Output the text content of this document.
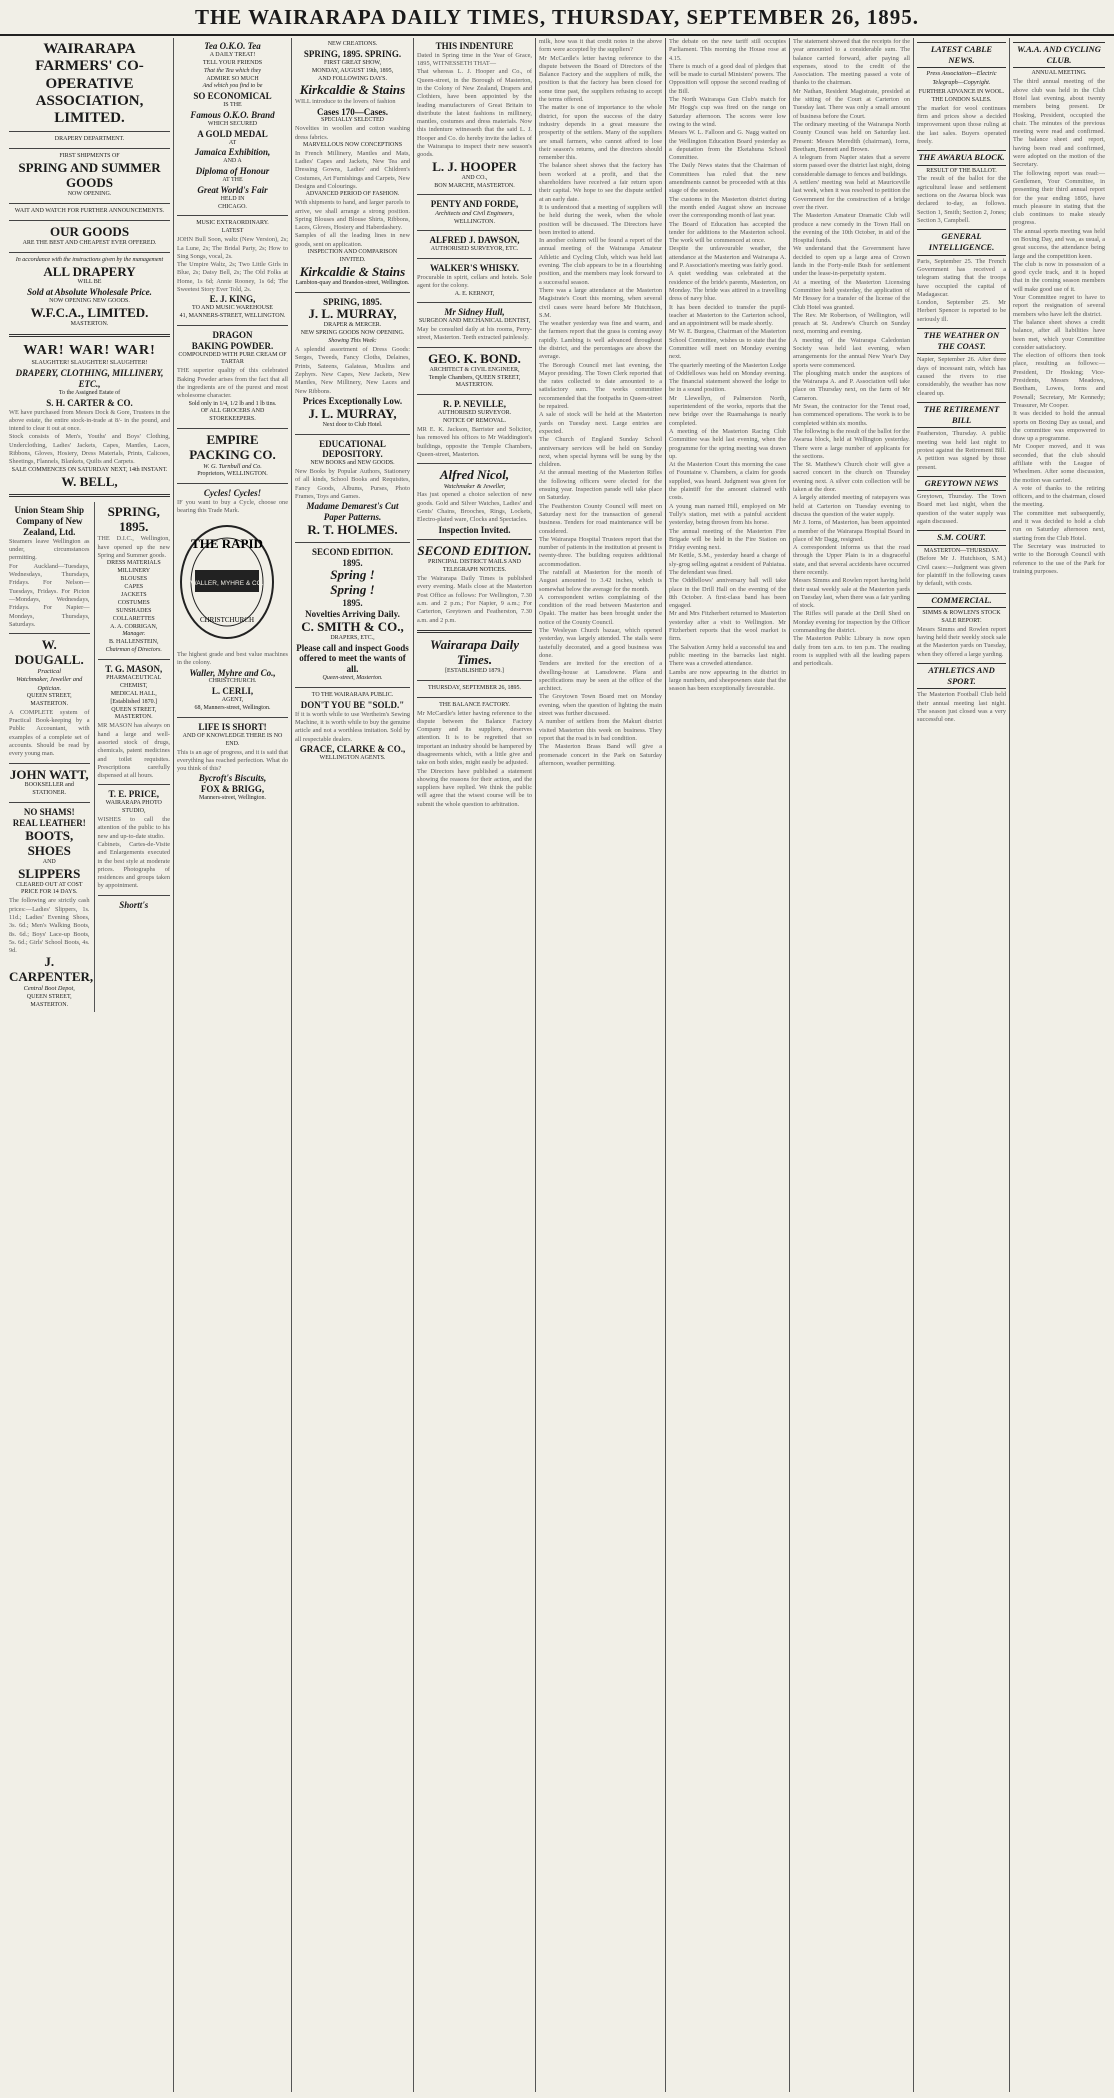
THE WAIRARAPA DAILY TIMES, THURSDAY, SEPTEMBER 26, 1895.
WAIRARAPA FARMERS' CO-OPERATIVE ASSOCIATION, LIMITED.
DRAPERY DEPARTMENT.
FIRST SHIPMENTS OF
SPRING AND SUMMER GOODS
NOW OPENING.
WAIT AND WATCH FOR FURTHER ANNOUNCEMENTS.
OUR GOODS
ARE THE BEST AND CHEAPEST EVER OFFERED.
In accordance with the instructions given by the management
ALL DRAPERY
WILL BE
Sold at Absolute Wholesale Price.
NOW OPENING NEW GOODS.
W.F.C.A., LIMITED.
MASTERTON.
WAR! WAR! WAR!
SLAUGHTER! SLAUGHTER! SLAUGHTER!
DRAPERY, CLOTHING, MILLINERY, ETC.,
To the Assigned Estate of
S. H. CARTER & CO.
WE have purchased from Messrs Dock & Gore, Trustees in the above estate, the entire stock-in-trade at 8/- in the pound, and intend to clear it out at once.
Stock consists of Men's, Youths' and Boys' Clothing, Underclothing, Ladies' Jackets, Capes, Mantles, Laces, Ribbons, Gloves, Hosiery, Dress Materials, Prints, Calicoes, Sheetings, Flannels, Blankets, Quilts and Carpets.
SALE COMMENCES ON SATURDAY NEXT, 14th INSTANT.
W. BELL,
Union Steam Ship Company of New Zealand, Ltd.
Steamers leave Wellington as under, circumstances permitting.
For Auckland—Tuesdays, Wednesdays, Thursdays, Fridays. For Nelson—Tuesdays, Fridays. For Picton—Mondays, Wednesdays, Fridays. For Napier—Mondays, Thursdays, Saturdays.
W. DOUGALL.
Practical
Watchmaker, Jeweller and Optician.
QUEEN STREET, MASTERTON.
A COMPLETE system of Practical Book-keeping by a Public Accountant, with examples of a complete set of accounts. Should be read by every young man.
JOHN WATT,
BOOKSELLER and STATIONER.
NO SHAMS!
REAL LEATHER!
BOOTS, SHOES
AND
SLIPPERS
CLEARED OUT AT COST PRICE FOR 14 DAYS.
The following are strictly cash prices:—Ladies' Slippers, 1s. 11d.; Ladies' Evening Shoes, 3s. 6d.; Men's Walking Boots, 8s. 6d.; Boys' Lace-up Boots, 5s. 6d.; Girls' School Boots, 4s. 9d.
J. CARPENTER,
Central Boot Depot,
QUEEN STREET, MASTERTON.
SPRING, 1895.
THE D.I.C., Wellington, have opened up the new Spring and Summer goods.
DRESS MATERIALS
MILLINERY
BLOUSES
CAPES
JACKETS
COSTUMES
SUNSHADES
COLLARETTES
A. A. CORRIGAN,
Manager.
B. HALLENSTEIN,
Chairman of Directors.
T. G. MASON,
PHARMACEUTICAL CHEMIST,
MEDICAL HALL,
[Established 1870.]
QUEEN STREET, MASTERTON.
MR MASON has always on hand a large and well-assorted stock of drugs, chemicals, patent medicines and toilet requisites. Prescriptions carefully dispensed at all hours.
T. E. PRICE,
WAIRARAPA PHOTO STUDIO,
WISHES to call the attention of the public to his new and up-to-date studio.
Cabinets, Cartes-de-Visite and Enlargements executed in the best style at moderate prices. Photographs of residences and groups taken by appointment.
Shortt's
Tea O.K.O. Tea
A DAILY TREAT!
TELL YOUR FRIENDS
That the Tea which they
ADMIRE SO MUCH
And which you find to be
SO ECONOMICAL
IS THE
Famous O.K.O. Brand
WHICH SECURED
A GOLD MEDAL
AT
Jamaica Exhibition,
AND A
Diploma of Honour
AT THE
Great World's Fair
HELD IN
CHICAGO.
MUSIC EXTRAORDINARY.
LATEST
JOHN Bull Soon, waltz (New Version), 2s; La Lune, 2s; The Bridal Party, 2s; How to Sing Songs, vocal, 2s.
The Umpire Waltz, 2s; Two Little Girls in Blue, 2s; Daisy Bell, 2s; The Old Folks at Home, 1s 6d; Annie Rooney, 1s 6d; The Sweetest Story Ever Told, 2s.
E. J. KING,
TO AND MUSIC WAREHOUSE
41, MANNERS-STREET, WELLINGTON.
DRAGON
BAKING POWDER.
COMPOUNDED WITH PURE CREAM OF TARTAR
THE superior quality of this celebrated Baking Powder arises from the fact that all the ingredients are of the purest and most wholesome character.
Sold only in 1/4, 1/2 lb and 1 lb tins.
OF ALL GROCERS AND STOREKEEPERS.
EMPIRE
PACKING CO.
W. G. Turnbull and Co.
Proprietors, WELLINGTON.
Cycles! Cycles!
IF you want to buy a Cycle, choose one bearing this Trade Mark.
THE RAPID
WALLER, MYHRE & CO.
CHRISTCHURCH
The highest grade and best value machines in the colony.
Waller, Myhre and Co.,
CHRISTCHURCH.
L. CERLI,
AGENT,
68, Manners-street, Wellington.
LIFE IS SHORT!
AND OF KNOWLEDGE THERE IS NO END.
This is an age of progress, and it is said that everything has reached perfection. What do you think of this?
Bycroft's Biscuits,
FOX & BRIGG,
Manners-street, Wellington.
NEW CREATIONS.
SPRING, 1895. SPRING.
FIRST GREAT SHOW,
MONDAY, AUGUST 19th, 1895,
AND FOLLOWING DAYS.
Kirkcaldie & Stains
WILL introduce to the lovers of fashion
Cases 170—Cases.
SPECIALLY SELECTED
Novelties in woollen and cotton washing dress fabrics.
MARVELLOUS NOW CONCEPTIONS
In French Millinery, Mantles and Mats, Ladies' Capes and Jackets, New Tea and Dressing Gowns, Ladies' and Children's Costumes, Art Furnishings and Carpets, New Designs and Colourings.
ADVANCED PERIOD OF FASHION.
With shipments to hand, and larger parcels to arrive, we shall arrange a strong position. Spring Blouses and Blouse Shirts, Ribbons, Laces, Gloves, Hosiery and Haberdashery.
Samples of all the leading lines in new goods, sent on application.
INSPECTION AND COMPARISON INVITED.
Kirkcaldie & Stains
Lambton-quay and Brandon-street, Wellington.
SPRING, 1895.
J. L. MURRAY,
DRAPER & MERCER.
NEW SPRING GOODS NOW OPENING.
Showing This Week:
A splendid assortment of Dress Goods: Serges, Tweeds, Fancy Cloths, Delaines, Prints, Sateens, Galateas, Muslins and Zephyrs. New Capes, New Jackets, New Mantles, New Millinery, New Laces and New Ribbons.
Prices Exceptionally Low.
J. L. MURRAY,
Next door to Club Hotel.
EDUCATIONAL DEPOSITORY.
NEW BOOKS and NEW GOODS.
New Books by Popular Authors, Stationery of all kinds, School Books and Requisites, Fancy Goods, Albums, Purses, Photo Frames, Toys and Games.
Madame Demarest's Cut Paper Patterns.
R. T. HOLMES.
SECOND EDITION.
1895.
Spring !
Spring !
1895.
Novelties Arriving Daily.
C. SMITH & CO.,
DRAPERS, ETC.,
Please call and inspect Goods offered to meet the wants of all.
Queen-street, Masterton.
TO THE WAIRARAPA PUBLIC.
DON'T YOU BE "SOLD."
If it is worth while to use Wertheim's Sewing Machine, it is worth while to buy the genuine article and not a worthless imitation. Sold by all respectable dealers.
GRACE, CLARKE & CO.,
WELLINGTON AGENTS.
THIS INDENTURE
Dated in Spring time in the Year of Grace, 1895, WITNESSETH THAT—
That whereas L. J. Hooper and Co., of Queen-street, in the Borough of Masterton, in the Colony of New Zealand, Drapers and Clothiers, have been appointed by the leading manufacturers of Great Britain to distribute the latest fashions in millinery, mantles, costumes and dress materials. Now this indenture witnesseth that the said L. J. Hooper and Co. do hereby invite the ladies of the Wairarapa to inspect their new season's goods.
L. J. HOOPER
AND CO.,
BON MARCHE, MASTERTON.
PENTY AND FORDE,
Architects and Civil Engineers,
WELLINGTON.
ALFRED J. DAWSON,
AUTHORISED SURVEYOR, ETC.
WALKER'S WHISKY.
Procurable in spirit, cellars and hotels. Sole agent for the colony.
A. E. KERNOT,
Mr Sidney Hull,
SURGEON AND MECHANICAL DENTIST,
May be consulted daily at his rooms, Perry-street, Masterton. Teeth extracted painlessly.
GEO. K. BOND.
ARCHITECT & CIVIL ENGINEER,
Temple Chambers, QUEEN STREET, MASTERTON.
R. P. NEVILLE,
AUTHORISED SURVEYOR.
NOTICE OF REMOVAL.
MR E. K. Jackson, Barrister and Solicitor, has removed his offices to Mr Waddington's buildings, opposite the Temple Chambers, Queen-street, Masterton.
Alfred Nicol,
Watchmaker & Jeweller,
Has just opened a choice selection of new goods. Gold and Silver Watches, Ladies' and Gents' Chains, Brooches, Rings, Lockets, Electro-plated ware, Clocks and Spectacles.
Inspection Invited.
SECOND EDITION.
PRINCIPAL DISTRICT MAILS AND TELEGRAPH NOTICES.
The Wairarapa Daily Times is published every evening. Mails close at the Masterton Post Office as follows: For Wellington, 7.30 a.m. and 2 p.m.; For Napier, 9 a.m.; For Carterton, Greytown and Featherston, 7.30 a.m. and 2 p.m.
Wairarapa Daily Times.
[ESTABLISHED 1879.]
THURSDAY, SEPTEMBER 26, 1895.
THE BALANCE FACTORY.
Mr McCardle's letter having reference to the dispute between the Balance Factory Company and its suppliers, deserves attention. It is to be regretted that so important an industry should be hampered by disagreements which, with a little give and take on both sides, might easily be adjusted.
The Directors have published a statement showing the reasons for their action, and the suppliers have replied. We think the public will agree that the wisest course will be to submit the whole question to arbitration.
milk, how was it that credit notes in the above form were accepted by the suppliers?
Mr McCardle's letter having reference to the dispute between the Board of Directors of the Balance Factory and the suppliers of milk, the position is that the factory has been closed for some time past, the suppliers refusing to accept the terms offered.
The matter is one of importance to the whole district, for upon the success of the dairy industry depends in a great measure the prosperity of the settlers. Many of the suppliers are small farmers, who cannot afford to lose their season's returns, and the directors should remember this.
The balance sheet shows that the factory has been worked at a profit, and that the shareholders have received a fair return upon their capital. We hope to see the dispute settled at an early date.
It is understood that a meeting of suppliers will be held during the week, when the whole position will be discussed. The Directors have been invited to attend.
In another column will be found a report of the annual meeting of the Wairarapa Amateur Athletic and Cycling Club, which was held last evening. The club appears to be in a flourishing position, and the members may look forward to a successful season.
There was a large attendance at the Masterton Magistrate's Court this morning, when several civil cases were heard before Mr Hutchison, S.M.
The weather yesterday was fine and warm, and the farmers report that the grass is coming away rapidly. Lambing is well advanced throughout the district, and the percentages are above the average.
The Borough Council met last evening, the Mayor presiding. The Town Clerk reported that the rates collected to date amounted to a satisfactory sum. The works committee recommended that the footpaths in Queen-street be repaired.
A sale of stock will be held at the Masterton yards on Tuesday next. Large entries are expected.
The Church of England Sunday School anniversary services will be held on Sunday next, when special hymns will be sung by the children.
At the annual meeting of the Masterton Rifles the following officers were elected for the ensuing year. Inspection parade will take place on Saturday.
The Featherston County Council will meet on Saturday next for the transaction of general business. Tenders for road maintenance will be considered.
The Wairarapa Hospital Trustees report that the number of patients in the institution at present is twenty-three. The building requires additional accommodation.
The rainfall at Masterton for the month of August amounted to 3.42 inches, which is somewhat below the average for the month.
A correspondent writes complaining of the condition of the road between Masterton and Opaki. The matter has been brought under the notice of the County Council.
The Wesleyan Church bazaar, which opened yesterday, was largely attended. The stalls were tastefully decorated, and a good business was done.
Tenders are invited for the erection of a dwelling-house at Lansdowne. Plans and specifications may be seen at the office of the architect.
The Greytown Town Board met on Monday evening, when the question of lighting the main street was further discussed.
A number of settlers from the Makuri district visited Masterton this week on business. They report that the road is in bad condition.
The Masterton Brass Band will give a promenade concert in the Park on Saturday afternoon, weather permitting.
The debate on the new tariff still occupies Parliament. This morning the House rose at 4.15.
There is much of a good deal of pledges that will be made to curtail Ministers' powers. The Opposition will oppose the second reading of the Bill.
The North Wairarapa Gun Club's match for Mr Hogg's cup was fired on the range on Saturday afternoon. The scores were low owing to the wind.
Messrs W. L. Falloon and G. Nagg waited on the Wellington Education Board yesterday as a deputation from the Eketahuna School Committee.
The Daily News states that the Chairman of Committees has ruled that the new amendments cannot be proceeded with at this stage of the session.
The customs in the Masterton district during the month ended August show an increase over the corresponding month of last year.
The Board of Education has accepted the tender for additions to the Masterton school. The work will be commenced at once.
Despite the unfavourable weather, the attendance at the Masterton and Wairarapa A. and P. Association's meeting was fairly good.
A quiet wedding was celebrated at the residence of the bride's parents, Masterton, on Monday. The bride was attired in a travelling dress of navy blue.
It has been decided to transfer the pupil-teacher at Masterton to the Carterton school, and an appointment will be made shortly.
Mr W. E. Burgess, Chairman of the Masterton School Committee, wishes us to state that the Committee will meet on Monday evening next.
The quarterly meeting of the Masterton Lodge of Oddfellows was held on Monday evening. The financial statement showed the lodge to be in a sound position.
Mr Llewellyn, of Palmerston North, superintendent of the works, reports that the new bridge over the Ruamahanga is nearly completed.
A meeting of the Masterton Racing Club Committee was held last evening, when the programme for the spring meeting was drawn up.
At the Masterton Court this morning the case of Fountaine v. Chambers, a claim for goods supplied, was heard. Judgment was given for the plaintiff for the amount claimed with costs.
A young man named Hill, employed on Mr Tully's station, met with a painful accident yesterday, being thrown from his horse.
The annual meeting of the Masterton Fire Brigade will be held in the Fire Station on Friday evening next.
Mr Kettle, S.M., yesterday heard a charge of sly-grog selling against a resident of Pahiatua. The defendant was fined.
The Oddfellows' anniversary ball will take place in the Drill Hall on the evening of the 8th October. A first-class band has been engaged.
Mr and Mrs Fitzherbert returned to Masterton yesterday after a visit to Wellington. Mr Fitzherbert reports that the wool market is firm.
The Salvation Army held a successful tea and public meeting in the barracks last night. There was a crowded attendance.
Lambs are now appearing in the district in large numbers, and sheepowners state that the season has been exceptionally favourable.
The statement showed that the receipts for the year amounted to a considerable sum. The balance carried forward, after paying all expenses, stood to the credit of the Association. The meeting passed a vote of thanks to the chairman.
Mr Nathan, Resident Magistrate, presided at the sitting of the Court at Carterton on Tuesday last. There was only a small amount of business before the Court.
The ordinary meeting of the Wairarapa North County Council was held on Saturday last. Present: Messrs Meredith (chairman), Iorns, Beetham, Bennett and Brown.
A telegram from Napier states that a severe storm passed over the district last night, doing considerable damage to fences and buildings.
A settlers' meeting was held at Mauriceville last week, when it was resolved to petition the Government for the construction of a bridge over the river.
The Masterton Amateur Dramatic Club will produce a new comedy in the Town Hall on the evening of the 10th October, in aid of the Hospital funds.
We understand that the Government have decided to open up a large area of Crown lands in the Forty-mile Bush for settlement under the lease-in-perpetuity system.
At a meeting of the Masterton Licensing Committee held yesterday, the application of Mr Hessey for a transfer of the license of the Club Hotel was granted.
The Rev. Mr Robertson, of Wellington, will preach at St. Andrew's Church on Sunday next, morning and evening.
A meeting of the Wairarapa Caledonian Society was held last evening, when arrangements for the annual New Year's Day sports were commenced.
The ploughing match under the auspices of the Wairarapa A. and P. Association will take place on Thursday next, on the farm of Mr Cameron.
Mr Swan, the contractor for the Tenui road, has commenced operations. The work is to be completed within six months.
The following is the result of the ballot for the Awarua block, held at Wellington yesterday. There were a large number of applicants for the sections.
The St. Matthew's Church choir will give a sacred concert in the church on Thursday evening next. A silver coin collection will be taken at the door.
A largely attended meeting of ratepayers was held at Carterton on Tuesday evening to discuss the question of the water supply.
Mr J. Iorns, of Masterton, has been appointed a member of the Wairarapa Hospital Board in place of Mr Dagg, resigned.
A correspondent informs us that the road through the Upper Plain is in a disgraceful state, and that several accidents have occurred there recently.
Messrs Simms and Rowlen report having held their usual weekly sale at the Masterton yards on Tuesday last, when there was a fair yarding of stock.
The Rifles will parade at the Drill Shed on Monday evening for inspection by the Officer commanding the district.
The Masterton Public Library is now open daily from ten a.m. to ten p.m. The reading room is supplied with all the leading papers and periodicals.
LATEST CABLE NEWS.
Press Association—Electric Telegraph—Copyright.
FURTHER ADVANCE IN WOOL.
THE LONDON SALES.
The market for wool continues firm and prices show a decided improvement upon those ruling at the last sales. Buyers operated freely.
THE AWARUA BLOCK.
RESULT OF THE BALLOT.
The result of the ballot for the agricultural lease and settlement sections on the Awarua block was declared to-day, as follows. Section 1, Smith; Section 2, Jones; Section 3, Campbell.
GENERAL INTELLIGENCE.
Paris, September 25. The French Government has received a telegram stating that the troops have occupied the capital of Madagascar.
London, September 25. Mr Herbert Spencer is reported to be seriously ill.
THE WEATHER ON THE COAST.
Napier, September 26. After three days of incessant rain, which has caused the rivers to rise considerably, the weather has now cleared up.
THE RETIREMENT BILL
Featherston, Thursday. A public meeting was held last night to protest against the Retirement Bill. A petition was signed by those present.
GREYTOWN NEWS
Greytown, Thursday. The Town Board met last night, when the question of the water supply was again discussed.
S.M. COURT.
MASTERTON—THURSDAY.
(Before Mr J. Hutchison, S.M.) Civil cases:—Judgment was given for plaintiff in the following cases by default, with costs.
COMMERCIAL.
SIMMS & ROWLEN'S STOCK SALE REPORT.
Messrs Simms and Rowlen report having held their weekly stock sale at the Masterton yards on Tuesday, when they offered a large yarding.
ATHLETICS AND SPORT.
The Masterton Football Club held their annual meeting last night. The season just closed was a very successful one.
W.A.A. AND CYCLING CLUB.
ANNUAL MEETING.
The third annual meeting of the above club was held in the Club Hotel last evening, about twenty members being present. Dr Hosking, President, occupied the chair. The minutes of the previous meeting were read and confirmed. The balance sheet and report, having been read and confirmed, were adopted on the motion of the Secretary.
The following report was read:— Gentlemen, Your Committee, in presenting their third annual report for the year ending 1895, have much pleasure in stating that the club continues to make steady progress.
The annual sports meeting was held on Boxing Day, and was, as usual, a great success, the attendance being large and the competition keen.
The club is now in possession of a good cycle track, and it is hoped that in the coming season members will make good use of it.
Your Committee regret to have to report the resignation of several members who have left the district.
The balance sheet shows a credit balance, after all liabilities have been met, which your Committee consider satisfactory.
The election of officers then took place, resulting as follows:—President, Dr Hosking; Vice-Presidents, Messrs Meadows, Beetham, Lowes, Iorns and Pownall; Secretary, Mr Kennedy; Treasurer, Mr Cooper.
It was decided to hold the annual sports on Boxing Day as usual, and the committee was empowered to draw up a programme.
Mr Cooper moved, and it was seconded, that the club should affiliate with the League of Wheelmen. After some discussion, the motion was carried.
A vote of thanks to the retiring officers, and to the chairman, closed the meeting.
The committee met subsequently, and it was decided to hold a club run on Saturday afternoon next, starting from the Club Hotel.
The Secretary was instructed to write to the Borough Council with reference to the use of the Park for training purposes.
